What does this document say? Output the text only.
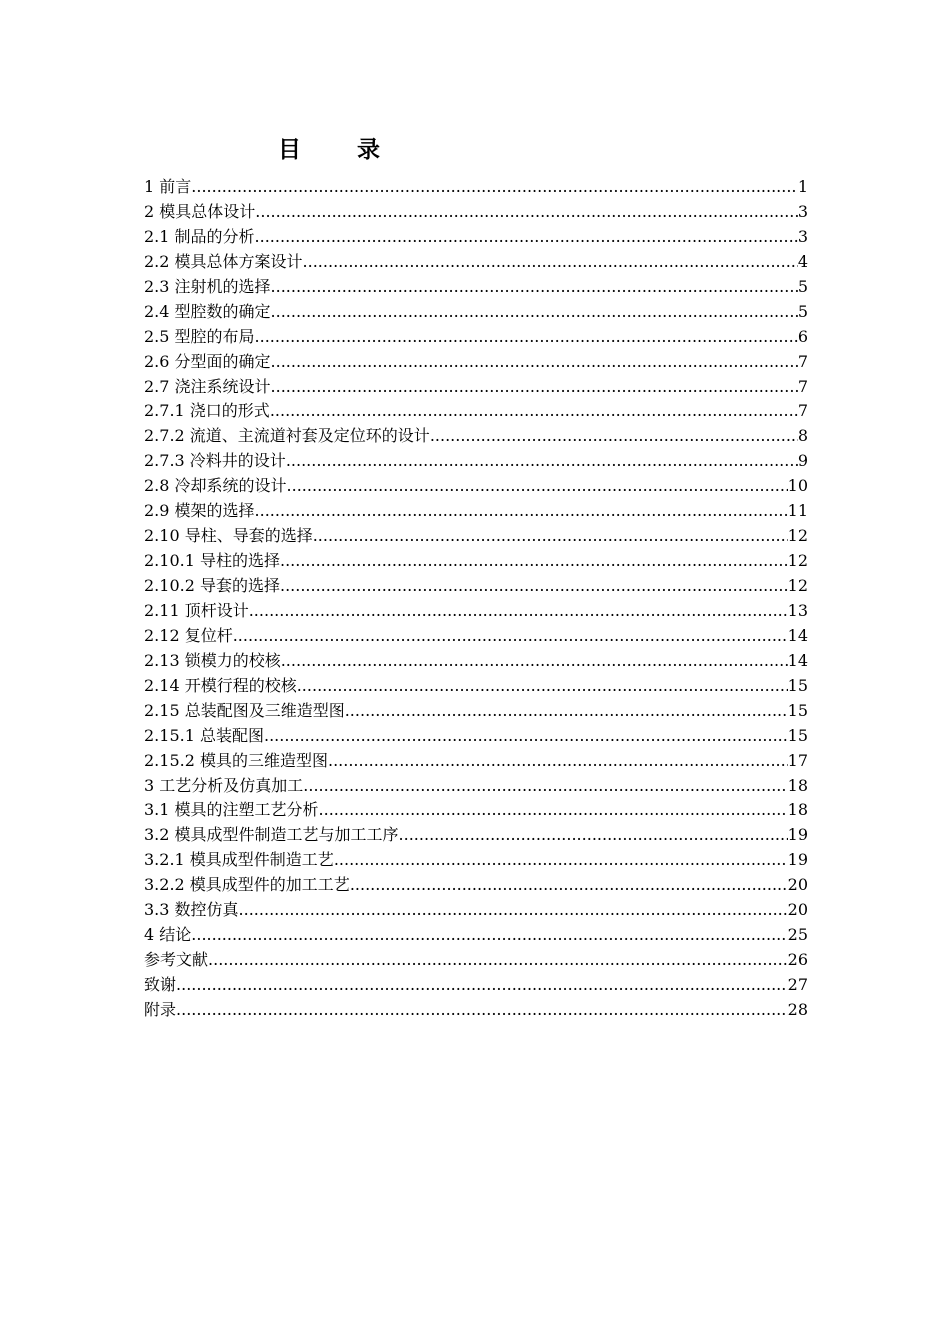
目 录
1 前言 .....	1
2 模具总体设计 .....	3
2.1 制品的分析 .....	3
2.2 模具总体方案设计 .....	4
2.3 注射机的选择 .....	5
2.4 型腔数的确定 .....	5
2.5 型腔的布局 .....	6
2.6 分型面的确定 .....	7
2.7 浇注系统设计 .....	7
2.7.1 浇口的形式 .....	7
2.7.2 流道、主流道衬套及定位环的设计 .....	8
2.7.3 冷料井的设计 .....	9
2.8 冷却系统的设计 .....	10
2.9 模架的选择 .....	11
2.10 导柱、导套的选择 .....	12
2.10.1 导柱的选择 .....	12
2.10.2 导套的选择 .....	12
2.11 顶杆设计 .....	13
2.12 复位杆 .....	14
2.13 锁模力的校核 .....	14
2.14 开模行程的校核 .....	15
2.15 总装配图及三维造型图 .....	15
2.15.1 总装配图 .....	15
2.15.2 模具的三维造型图 .....	17
3 工艺分析及仿真加工 .....	18
3.1 模具的注塑工艺分析 .....	18
3.2 模具成型件制造工艺与加工工序 .....	19
3.2.1 模具成型件制造工艺 .....	19
3.2.2 模具成型件的加工工艺 .....	20
3.3 数控仿真 .....	20
4 结论 .....	25
参考文献 .....	26
致谢 .....	27
附录 .....	28
